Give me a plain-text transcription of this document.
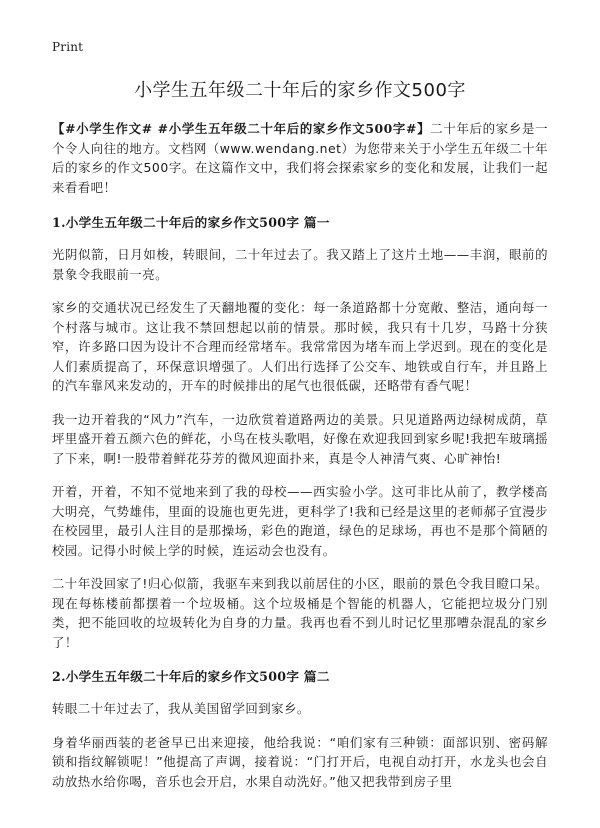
Print
小学生五年级二十年后的家乡作文500字

【#小学生作文# #小学生五年级二十年后的家乡作文500字#】二十年后的家乡是一个令人向往的地方。文档网（www.wendang.net）为您带来关于小学生五年级二十年后的家乡的作文500字。在这篇作文中，我们将会探索家乡的变化和发展，让我们一起来看看吧！

1.小学生五年级二十年后的家乡作文500字 篇一

光阴似箭，日月如梭，转眼间，二十年过去了。我又踏上了这片土地——丰润，眼前的景象令我眼前一亮。

家乡的交通状况已经发生了天翻地覆的变化：每一条道路都十分宽敞、整洁，通向每一个村落与城市。这让我不禁回想起以前的情景。那时候，我只有十几岁，马路十分狭窄，许多路口因为设计不合理而经常堵车。我常常因为堵车而上学迟到。现在的变化是人们素质提高了，环保意识增强了。人们出行选择了公交车、地铁或自行车，并且路上的汽车靠风来发动的，开车的时候排出的尾气也很低碳，还略带有香气呢！

我一边开着我的“风力”汽车，一边欣赏着道路两边的美景。只见道路两边绿树成荫，草坪里盛开着五颜六色的鲜花，小鸟在枝头歌唱，好像在欢迎我回到家乡呢!我把车玻璃摇了下来，啊!一股带着鲜花芬芳的微风迎面扑来，真是令人神清气爽、心旷神怡!

开着，开着，不知不觉地来到了我的母校——西实验小学。这可非比从前了，教学楼高大明亮，气势雄伟，里面的设施也更先进，更科学了!我和已经是这里的老师郝子宜漫步在校园里，最引人注目的是那操场，彩色的跑道，绿色的足球场，再也不是那个简陋的校园。记得小时候上学的时候，连运动会也没有。

二十年没回家了!归心似箭，我驱车来到我以前居住的小区，眼前的景色令我目瞪口呆。现在每栋楼前都摆着一个垃圾桶。这个垃圾桶是个智能的机器人，它能把垃圾分门别类，把不能回收的垃圾转化为自身的力量。我再也看不到儿时记忆里那嘈杂混乱的家乡了！

2.小学生五年级二十年后的家乡作文500字 篇二

转眼二十年过去了，我从美国留学回到家乡。

身着华丽西装的老爸早已出来迎接，他给我说：“咱们家有三种锁：面部识别、密码解锁和指纹解锁呢！”他提高了声调，接着说：“门打开后，电视自动打开，水龙头也会自动放热水给你喝，音乐也会开启，水果自动洗好。”他又把我带到房子里
